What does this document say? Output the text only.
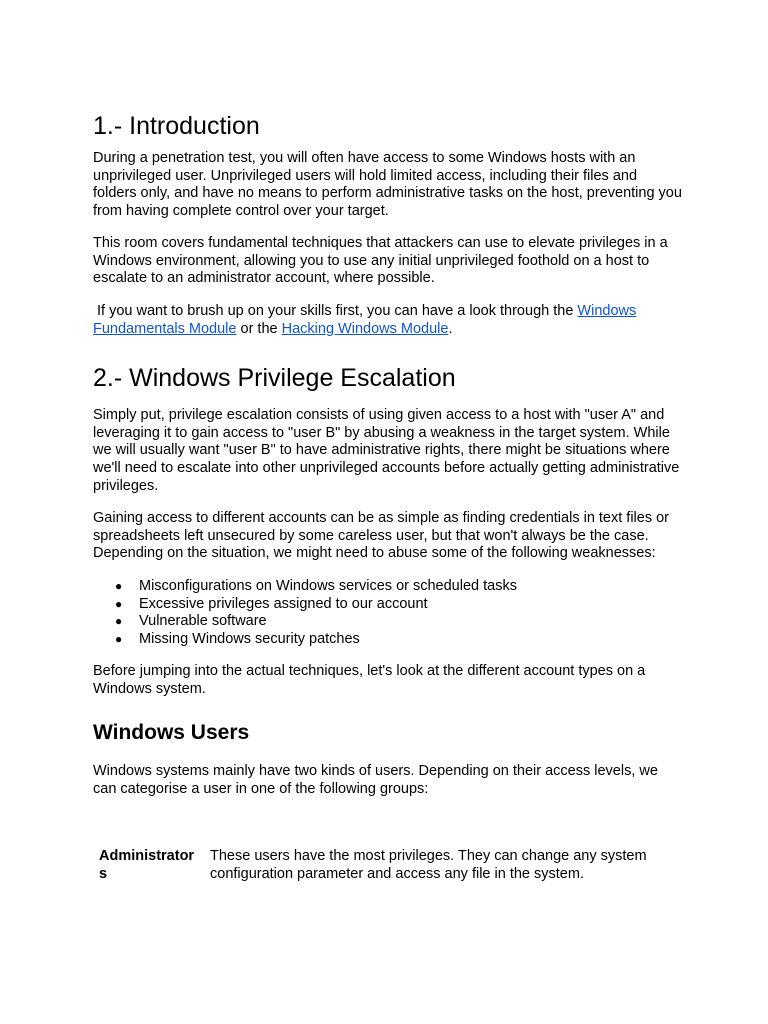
1.- Introduction

During a penetration test, you will often have access to some Windows hosts with an unprivileged user. Unprivileged users will hold limited access, including their files and folders only, and have no means to perform administrative tasks on the host, preventing you from having complete control over your target.

This room covers fundamental techniques that attackers can use to elevate privileges in a Windows environment, allowing you to use any initial unprivileged foothold on a host to escalate to an administrator account, where possible.

If you want to brush up on your skills first, you can have a look through the Windows Fundamentals Module or the Hacking Windows Module.

2.- Windows Privilege Escalation

Simply put, privilege escalation consists of using given access to a host with "user A" and leveraging it to gain access to "user B" by abusing a weakness in the target system. While we will usually want "user B" to have administrative rights, there might be situations where we'll need to escalate into other unprivileged accounts before actually getting administrative privileges.

Gaining access to different accounts can be as simple as finding credentials in text files or spreadsheets left unsecured by some careless user, but that won't always be the case. Depending on the situation, we might need to abuse some of the following weaknesses:

● Misconfigurations on Windows services or scheduled tasks
● Excessive privileges assigned to our account
● Vulnerable software
● Missing Windows security patches

Before jumping into the actual techniques, let's look at the different account types on a Windows system.

Windows Users

Windows systems mainly have two kinds of users. Depending on their access levels, we can categorise a user in one of the following groups:

Administrators
These users have the most privileges. They can change any system configuration parameter and access any file in the system.
